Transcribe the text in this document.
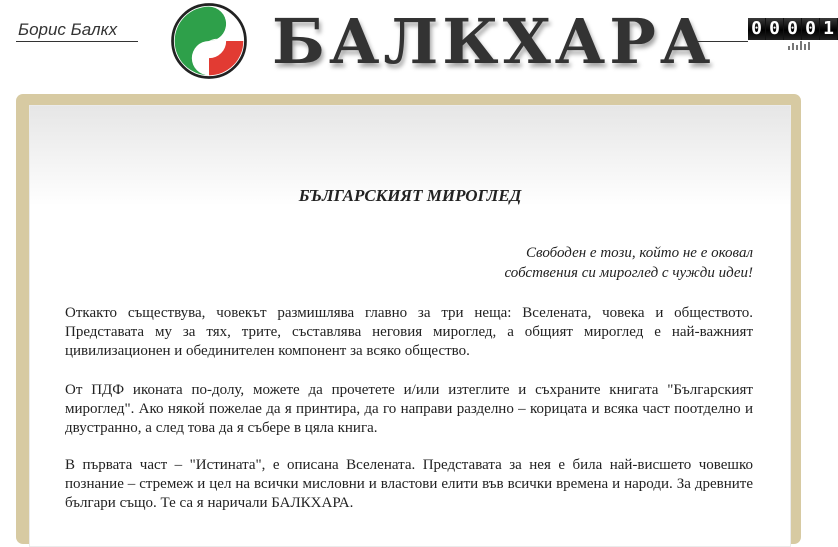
Борис Балкх	БАЛКХАРА 0 0 0 0 1
БЪЛГАРСКИЯТ МИРОГЛЕД
Свободен е този, който не е оковал
собствения си мироглед с чужди идеи!

Откакто съществува, човекът размишлява главно за три неща: Вселената, човека и обществото. Представата му за тях, трите, съставлява неговия мироглед, а общият мироглед е най-важният цивилизационен и обединителен компонент за всяко общество.

От ПДФ иконата по-долу, можете да прочетете и/или изтеглите и съхраните книгата "Българският мироглед". Ако някой пожелае да я принтира, да го направи разделно – корицата и всяка част поотделно и двустранно, а след това да я събере в цяла книга.

В първата част – "Истината", е описана Вселената. Представата за нея е била най-висшето човешко познание – стремеж и цел на всички мисловни и властови елити във всички времена и народи. За древните българи също. Те са я наричали БАЛКХАРА.
